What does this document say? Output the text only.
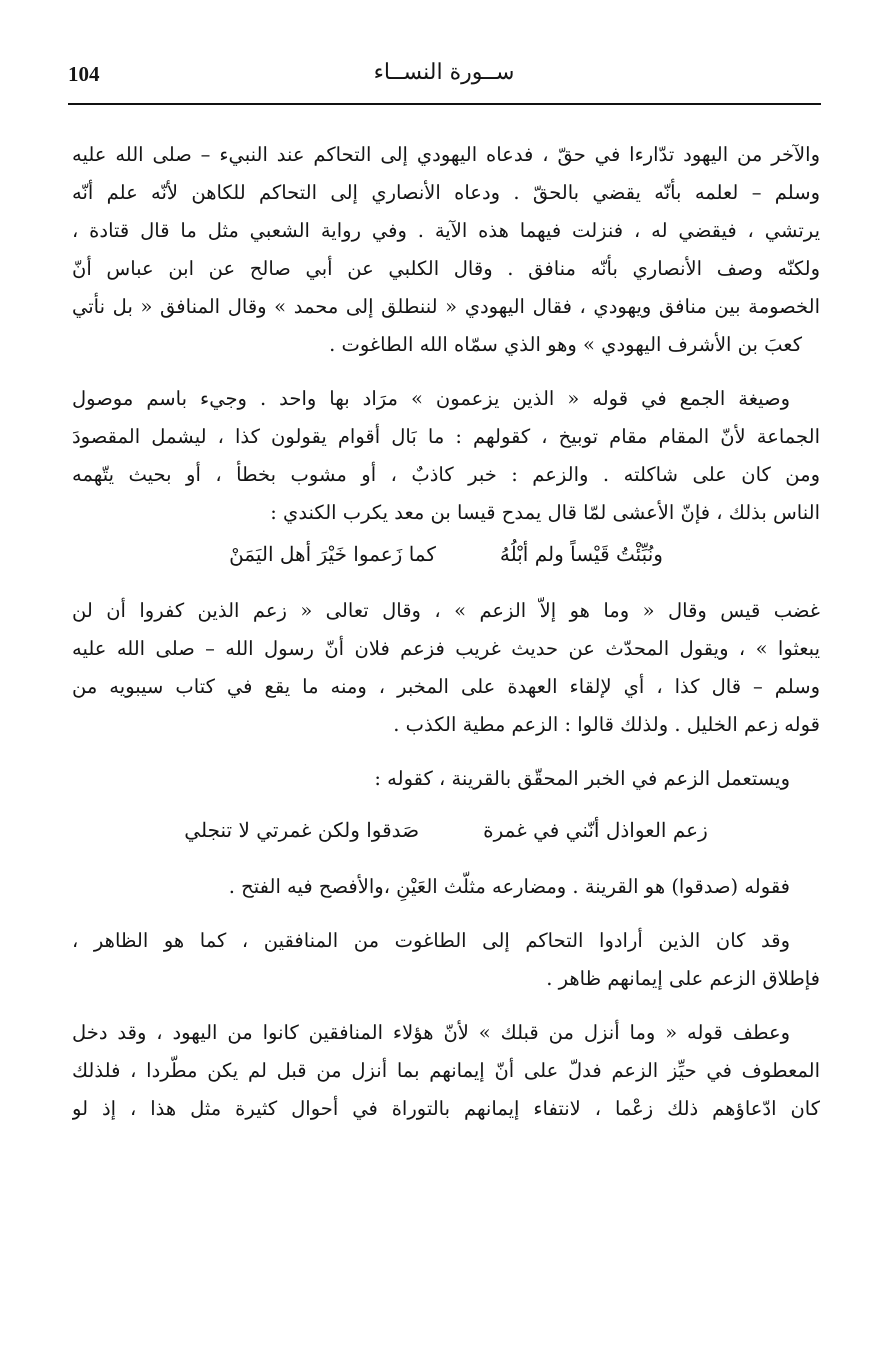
104	ســورة النســاء
والآخر من اليهود تدّارءا في حقّ ، فدعاه اليهودي إلى التحاكم عند النبيء – صلى الله عليه
وسلم – لعلمه بأنّه يقضي بالحقّ . ودعاه الأنصاري إلى التحاكم للكاهن لأنّه علم أنّه
يرتشي ، فيقضي له ، فنزلت فيهما هذه الآية . وفي رواية الشعبي مثل ما قال قتادة ،
ولكنّه وصف الأنصاري بأنّه منافق . وقال الكلبي عن أبي صالح عن ابن عباس أنّ
الخصومة بين منافق ويهودي ، فقال اليهودي « لننطلق إلى محمد » وقال المنافق « بل نأتي
كعبَ بن الأشرف اليهودي » وهو الذي سمّاه الله الطاغوت .
وصيغة الجمع في قوله « الذين يزعمون » مرَاد بها واحد . وجيء باسم موصول
الجماعة لأنّ المقام مقام توبيخ ، كقولهم : ما بَال أقوام يقولون كذا ، ليشمل المقصودَ
ومن كان على شاكلته . والزعم : خبر كاذبٌ ، أو مشوب بخطأ ، أو بحيث يتّهمه
الناس بذلك ، فإنّ الأعشى لمّا قال يمدح قيسا بن معد يكرب الكندي :
ونُبِّئْتُ قَيْساً ولم أبْلُهُ
كما زَعموا خَيْرَ أهل اليَمَنْ
غضب قيس وقال « وما هو إلاّ الزعم » ، وقال تعالى « زعم الذين كفروا أن لن
يبعثوا » ، ويقول المحدّث عن حديث غريب فزعم فلان أنّ رسول الله – صلى الله عليه
وسلم – قال كذا ، أي لإلقاء العهدة على المخبر ، ومنه ما يقع في كتاب سيبويه من
قوله زعم الخليل . ولذلك قالوا : الزعم مطية الكذب .
ويستعمل الزعم في الخبر المحقّق بالقرينة ، كقوله :
زعم العواذل أنّني في غمرة
صَدقوا ولكن غمرتي لا تنجلي
فقوله (صدقوا) هو القرينة . ومضارعه مثلّث العَيْنِ ،والأفصح فيه الفتح .
وقد كان الذين أرادوا التحاكم إلى الطاغوت من المنافقين ، كما هو الظاهر ،
فإطلاق الزعم على إيمانهم ظاهر .
وعطف قوله « وما أنزل من قبلك » لأنّ هؤلاء المنافقين كانوا من اليهود ، وقد دخل
المعطوف في حيِّز الزعم فدلّ على أنّ إيمانهم بما أنزل من قبل لم يكن مطّردا ، فلذلك
كان ادّعاؤهم ذلك زعْما ، لانتفاء إيمانهم بالتوراة في أحوال كثيرة مثل هذا ، إذ لو
